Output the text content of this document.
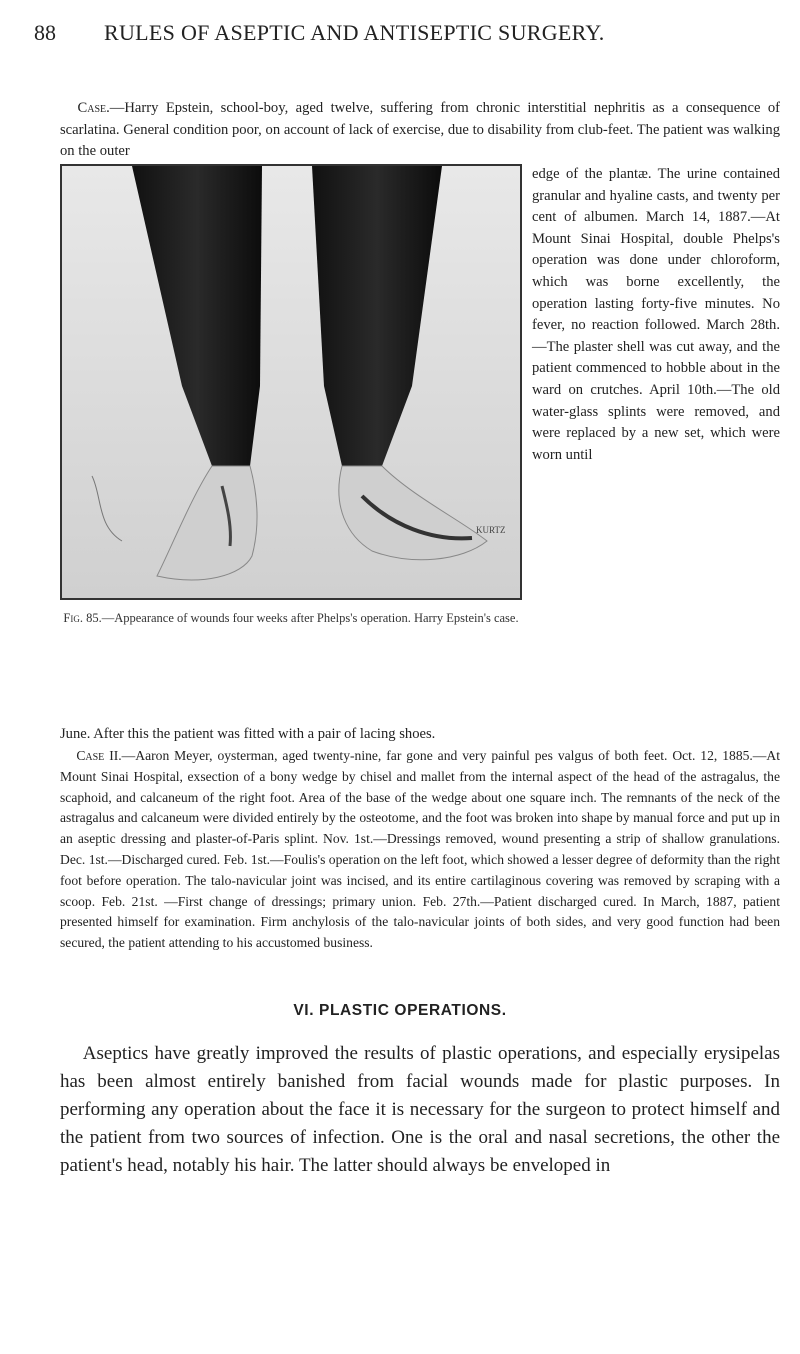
88 RULES OF ASEPTIC AND ANTISEPTIC SURGERY.

Case.—Harry Epstein, school-boy, aged twelve, suffering from chronic interstitial nephritis as a consequence of scarlatina. General condition poor, on account of lack of exercise, due to disability from club-feet. The patient was walking on the outer

KURTZ
Fig. 85.—Appearance of wounds four weeks after Phelps's operation. Harry Epstein's case.
edge of the plantæ. The urine contained granular and hyaline casts, and twenty per cent of albumen. March 14, 1887.—At Mount Sinai Hospital, double Phelps's operation was done under chloroform, which was borne excellently, the operation lasting forty-five minutes. No fever, no reaction followed. March 28th.—The plaster shell was cut away, and the patient commenced to hobble about in the ward on crutches. April 10th.—The old water-glass splints were removed, and were replaced by a new set, which were worn until
June. After this the patient was fitted with a pair of lacing shoes.

Case II.—Aaron Meyer, oysterman, aged twenty-nine, far gone and very painful pes valgus of both feet. Oct. 12, 1885.—At Mount Sinai Hospital, exsection of a bony wedge by chisel and mallet from the internal aspect of the head of the astragalus, the scaphoid, and calcaneum of the right foot. Area of the base of the wedge about one square inch. The remnants of the neck of the astragalus and calcaneum were divided entirely by the osteotome, and the foot was broken into shape by manual force and put up in an aseptic dressing and plaster-of-Paris splint. Nov. 1st.—Dressings removed, wound presenting a strip of shallow granulations. Dec. 1st.—Discharged cured. Feb. 1st.—Foulis's operation on the left foot, which showed a lesser degree of deformity than the right foot before operation. The talo-navicular joint was incised, and its entire cartilaginous covering was removed by scraping with a scoop. Feb. 21st. —First change of dressings; primary union. Feb. 27th.—Patient discharged cured. In March, 1887, patient presented himself for examination. Firm anchylosis of the talo-navicular joints of both sides, and very good function had been secured, the patient attending to his accustomed business.

VI. PLASTIC OPERATIONS.

Aseptics have greatly improved the results of plastic operations, and especially erysipelas has been almost entirely banished from facial wounds made for plastic purposes. In performing any operation about the face it is necessary for the surgeon to protect himself and the patient from two sources of infection. One is the oral and nasal secretions, the other the patient's head, notably his hair. The latter should always be enveloped in
